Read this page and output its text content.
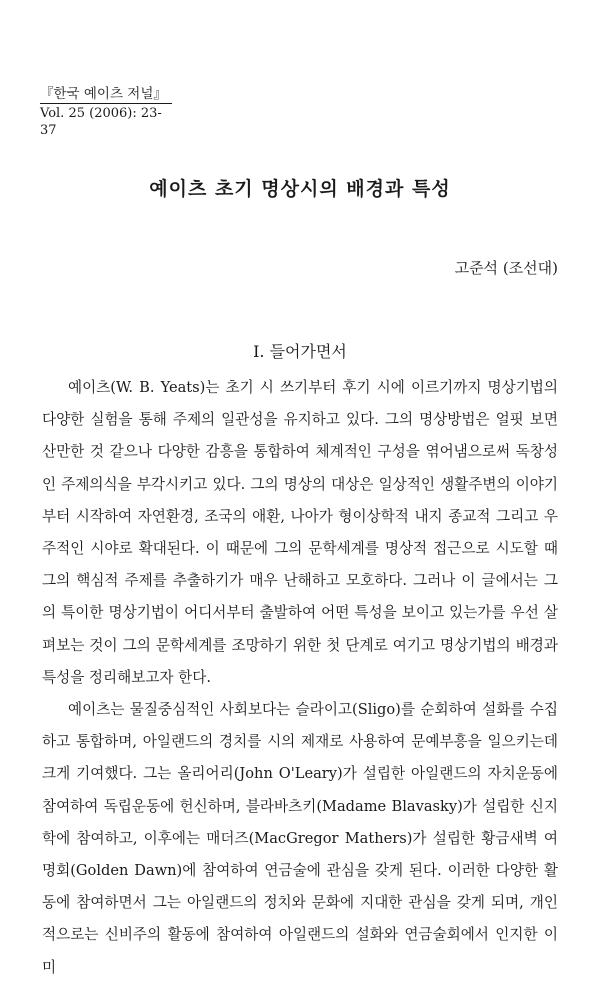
『한국 예이츠 저널』
Vol. 25 (2006): 23-37
예이츠 초기 명상시의 배경과 특성

고준석 (조선대)

I. 들어가면서

예이츠(W. B. Yeats)는 초기 시 쓰기부터 후기 시에 이르기까지 명상기법의 다양한 실험을 통해 주제의 일관성을 유지하고 있다. 그의 명상방법은 얼핏 보면 산만한 것 같으나 다양한 감흥을 통합하여 체계적인 구성을 엮어냄으로써 독창성인 주제의식을 부각시키고 있다. 그의 명상의 대상은 일상적인 생활주변의 이야기부터 시작하여 자연환경, 조국의 애환, 나아가 형이상학적 내지 종교적 그리고 우주적인 시야로 확대된다. 이 때문에 그의 문학세계를 명상적 접근으로 시도할 때 그의 핵심적 주제를 추출하기가 매우 난해하고 모호하다. 그러나 이 글에서는 그의 특이한 명상기법이 어디서부터 출발하여 어떤 특성을 보이고 있는가를 우선 살펴보는 것이 그의 문학세계를 조망하기 위한 첫 단계로 여기고 명상기법의 배경과 특성을 정리해보고자 한다.

예이츠는 물질중심적인 사회보다는 슬라이고(Sligo)를 순회하여 설화를 수집하고 통합하며, 아일랜드의 경치를 시의 제재로 사용하여 문예부흥을 일으키는데 크게 기여했다. 그는 올리어리(John O'Leary)가 설립한 아일랜드의 자치운동에 참여하여 독립운동에 헌신하며, 블라바츠키(Madame Blavasky)가 설립한 신지학에 참여하고, 이후에는 매더즈(MacGregor Mathers)가 설립한 황금새벽 여명회(Golden Dawn)에 참여하여 연금술에 관심을 갖게 된다. 이러한 다양한 활동에 참여하면서 그는 아일랜드의 정치와 문화에 지대한 관심을 갖게 되며, 개인적으로는 신비주의 활동에 참여하여 아일랜드의 설화와 연금술회에서 인지한 이미
